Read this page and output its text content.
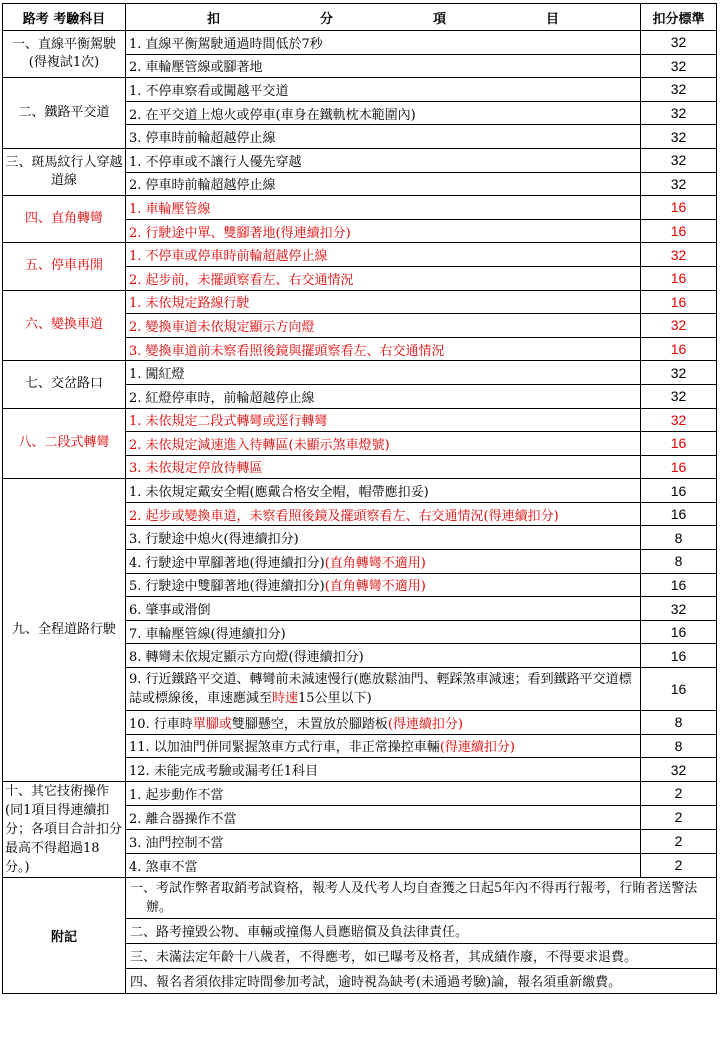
路考 考驗科目	扣 分 項 目	扣分標準
一、直線平衡駕駛(得複試1次)	1. 直線平衡駕駛通過時間低於7秒	32
	2. 車輪壓管線或腳著地	32
二、鐵路平交道	1. 不停車察看或闖越平交道	32
	2. 在平交道上熄火或停車(車身在鐵軌枕木範圍內)	32
	3. 停車時前輪超越停止線	32
三、斑馬紋行人穿越道線	1. 不停車或不讓行人優先穿越	32
	2. 停車時前輪超越停止線	32
四、直角轉彎	1. 車輪壓管線	16
	2. 行駛途中單、雙腳著地(得連續扣分)	16
五、停車再開	1. 不停車或停車時前輪超越停止線	32
	2. 起步前，未擺頭察看左、右交通情況	16
六、變換車道	1. 未依規定路線行駛	16
	2. 變換車道未依規定顯示方向燈	32
	3. 變換車道前未察看照後鏡與擺頭察看左、右交通情況	16
七、交岔路口	1. 闖紅燈	32
	2. 紅燈停車時，前輪超越停止線	32
八、二段式轉彎	1. 未依規定二段式轉彎或逕行轉彎	32
	2. 未依規定減速進入待轉區(未顯示煞車燈號)	16
	3. 未依規定停放待轉區	16
九、全程道路行駛	1. 未依規定戴安全帽(應戴合格安全帽，帽帶應扣妥)	16
	2. 起步或變換車道，未察看照後鏡及擺頭察看左、右交通情況(得連續扣分)	16
	3. 行駛途中熄火(得連續扣分)	8
	4. 行駛途中單腳著地(得連續扣分)(直角轉彎不適用)	8
	5. 行駛途中雙腳著地(得連續扣分)(直角轉彎不適用)	16
	6. 肇事或滑倒	32
	7. 車輪壓管線(得連續扣分)	16
	8. 轉彎未依規定顯示方向燈(得連續扣分)	16
	9. 行近鐵路平交道、轉彎前未減速慢行(應放鬆油門、輕踩煞車減速；看到鐵路平交道標誌或標線後，車速應減至時速15公里以下)	16
	10. 行車時單腳或雙腳懸空，未置放於腳踏板(得連續扣分)	8
	11. 以加油門併同緊握煞車方式行車，非正常操控車輛(得連續扣分)	8
	12. 未能完成考驗或漏考任1科目	32
十、其它技術操作(同1項目得連續扣分；各項目合計扣分最高不得超過18分。)	1. 起步動作不當	2
	2. 離合器操作不當	2
	3. 油門控制不當	2
	4. 煞車不當	2
附記	一、考試作弊者取銷考試資格，報考人及代考人均自查獲之日起5年內不得再行報考，行賄者送警法辦。	
	二、路考撞毀公物、車輛或撞傷人員應賠償及負法律責任。	
	三、未滿法定年齡十八歲者，不得應考，如已曝考及格者，其成績作廢，不得要求退費。	
	四、報名者須依排定時間參加考試，逾時視為缺考(未通過考驗)論，報名須重新繳費。	
